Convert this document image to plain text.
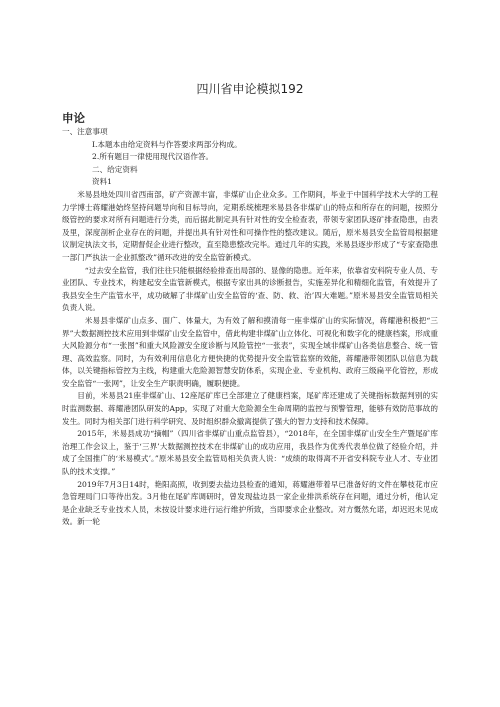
四川省申论模拟192
申论

一、注意事项

I.本题本由给定资料与作答要求两部分构成。

2.所有题目一律使用现代汉语作答。

二、给定资料

资料1

米易县地处四川省西南部，矿产资源丰富，非煤矿山企业众多。工作期间，毕业于中国科学技术大学的工程力学博士蒋耀港始终坚持问题导向和目标导向，定期系统梳理米易县各非煤矿山的特点和所存在的问题，按照分级管控的要求对所有问题进行分类，而后据此制定具有针对性的安全检查表，带领专家团队逐矿排查隐患，由表及里，深度剖析企业存在的问题，并提出具有针对性和可操作性的整改建议。随后，原米易县安全监管局根据建议制定执法文书，定期督促企业进行整改，直至隐患整改完毕。通过几年的实践，米易县逐步形成了“专家查隐患一部门严执法一企业抓整改”循环改进的安全监管新模式。

“过去安全监管，我们往往只能根据经验排查出局部的、显像的隐患。近年来，依靠省安科院专业人员、专业团队、专业技术，构建起安全监管新模式，根据专家出具的诊断报告，实施差异化和精细化监管，有效提升了我县安全生产监管水平，成功破解了非煤矿山安全监管的‘查、防、救、治’四大难题。”原米易县安全监管局相关负责人说。

米易县非煤矿山点多、面广、体量大，为有效了解和摸清每一座非煤矿山的实际情况，蒋耀港积极把“三界”大数据测控技术应用到非煤矿山安全监管中，借此构建非煤矿山立体化、可视化和数字化的健康档案，形成重大风险源分布“一张图”和重大风险源安全度诊断与风险管控“一张表”，实现全域非煤矿山各类信息整合、统一管理、高效监察。同时，为有效利用信息化方便快捷的优势提升安全监管监察的效能，蒋耀港带领团队以信息为载体，以关键指标管控为主线，构建重大危险源智慧安防体系，实现企业、专业机构、政府三级扁平化管控，形成安全监管“一张网”，让安全生产职责明确，履职便捷。

目前，米易县21座非煤矿山、12座尾矿库已全部建立了健康档案，尾矿库还建成了关键指标数据判别的实时监测数据、蒋耀港团队研发的App，实现了对重大危险源全生命周期的监控与预警管理，能够有效防范事故的发生。同时为相关部门进行科学研究、及时组织群众撤离提供了强大的智力支持和技术保障。

2015年，米易县成功“摘帽”（四川省非煤矿山重点监管县），“2018年，在全国非煤矿山安全生产暨尾矿库治理工作会议上，鉴于‘三界’大数据测控技术在非煤矿山的成功应用，我县作为优秀代表单位做了经验介绍，并成了全国推广的‘米易模式’。”原米易县安全监管局相关负责人说：“成绩的取得离不开省安科院专业人才、专业团队的技术支撑。”

2019年7月3日14时，艳阳高照，收到要去盐边县检查的通知，蒋耀港带着早已准备好的文件在攀枝花市应急管理局门口等待出发。3月他在尾矿库调研时，曾发现盐边县一家企业排洪系统存在问题，通过分析，他认定是企业缺乏专业技术人员，未按设计要求进行运行维护所致，当即要求企业整改。对方慨然允诺，却迟迟未见成效。新一轮
